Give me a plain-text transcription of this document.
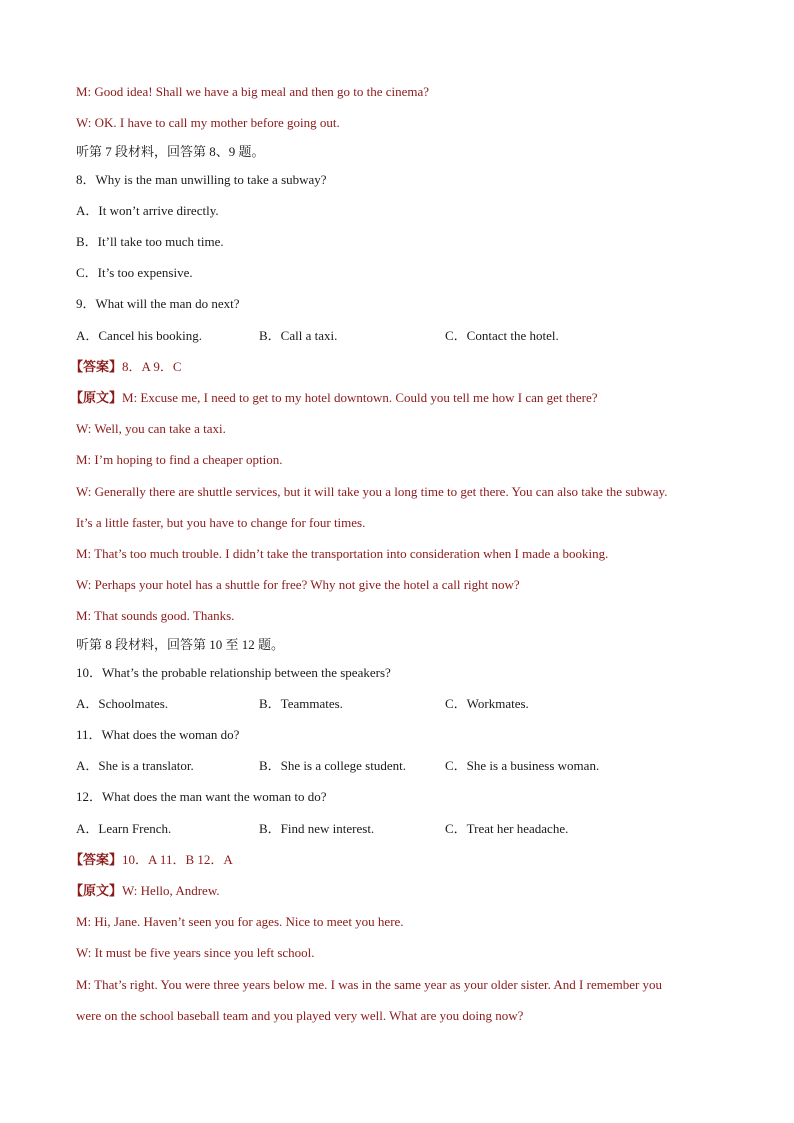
M: Good idea! Shall we have a big meal and then go to the cinema?
W: OK. I have to call my mother before going out.
听第 7 段材料，回答第 8、9 题。
8．Why is the man unwilling to take a subway?
A．It won’t arrive directly.
B．It’ll take too much time.
C．It’s too expensive.
9．What will the man do next?
A．Cancel his booking.	B．Call a taxi.	C．Contact the hotel.
【答案】8．A 9．C
【原文】M: Excuse me, I need to get to my hotel downtown. Could you tell me how I can get there?
W: Well, you can take a taxi.
M: I’m hoping to find a cheaper option.
W: Generally there are shuttle services, but it will take you a long time to get there. You can also take the subway.
It’s a little faster, but you have to change for four times.
M: That’s too much trouble. I didn’t take the transportation into consideration when I made a booking.
W: Perhaps your hotel has a shuttle for free? Why not give the hotel a call right now?
M: That sounds good. Thanks.
听第 8 段材料，回答第 10 至 12 题。
10．What’s the probable relationship between the speakers?
A．Schoolmates.	B．Teammates.	C．Workmates.
11．What does the woman do?
A．She is a translator.	B．She is a college student.	C．She is a business woman.
12．What does the man want the woman to do?
A．Learn French.	B．Find new interest.	C．Treat her headache.
【答案】10．A 11．B 12．A
【原文】W: Hello, Andrew.
M: Hi, Jane. Haven’t seen you for ages. Nice to meet you here.
W: It must be five years since you left school.
M: That’s right. You were three years below me. I was in the same year as your older sister. And I remember you
were on the school baseball team and you played very well. What are you doing now?
